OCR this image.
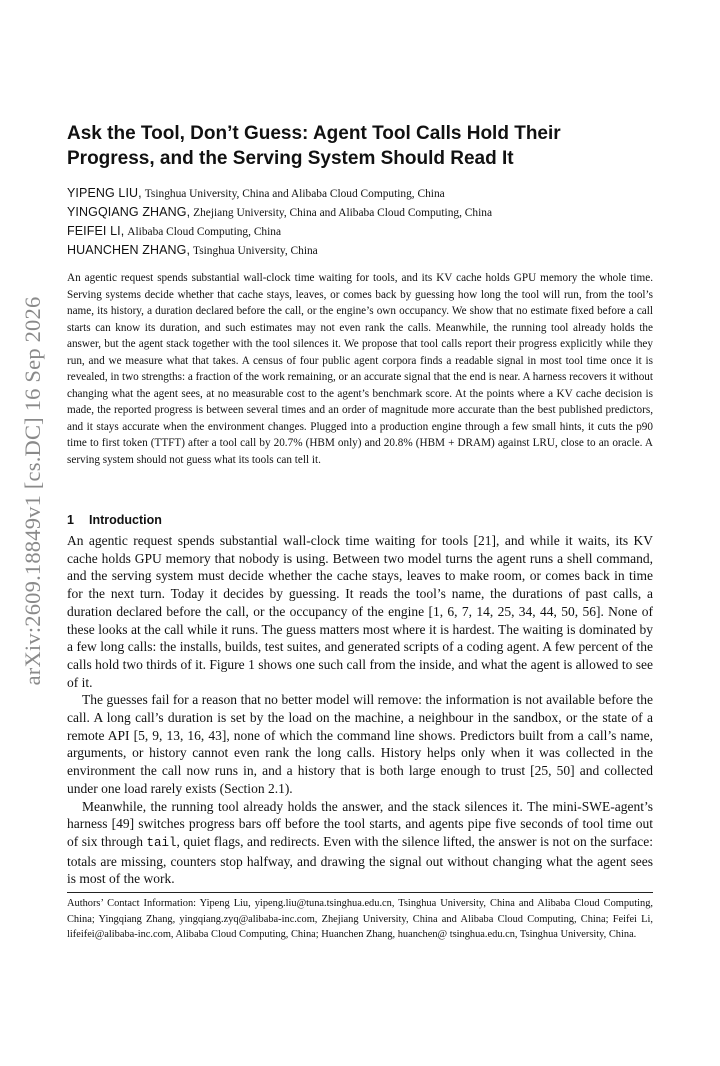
arXiv:2609.18849v1 [cs.DC] 16 Sep 2026
Ask the Tool, Don’t Guess: Agent Tool Calls Hold Their
Progress, and the Serving System Should Read It
YIPENG LIU, Tsinghua University, China and Alibaba Cloud Computing, China
YINGQIANG ZHANG, Zhejiang University, China and Alibaba Cloud Computing, China
FEIFEI LI, Alibaba Cloud Computing, China
HUANCHEN ZHANG, Tsinghua University, China

An agentic request spends substantial wall-clock time waiting for tools, and its KV cache holds GPU memory the whole time. Serving systems decide whether that cache stays, leaves, or comes back by guessing how long the tool will run, from the tool’s name, its history, a duration declared before the call, or the engine’s own occupancy. We show that no estimate fixed before a call starts can know its duration, and such estimates may not even rank the calls. Meanwhile, the running tool already holds the answer, but the agent stack together with the tool silences it. We propose that tool calls report their progress explicitly while they run, and we measure what that takes. A census of four public agent corpora finds a readable signal in most tool time once it is revealed, in two strengths: a fraction of the work remaining, or an accurate signal that the end is near. A harness recovers it without changing what the agent sees, at no measurable cost to the agent’s benchmark score. At the points where a KV cache decision is made, the reported progress is between several times and an order of magnitude more accurate than the best published predictors, and it stays accurate when the environment changes. Plugged into a production engine through a few small hints, it cuts the p90 time to first token (TTFT) after a tool call by 20.7% (HBM only) and 20.8% (HBM + DRAM) against LRU, close to an oracle. A serving system should not guess what its tools can tell it.

1 Introduction

An agentic request spends substantial wall-clock time waiting for tools [21], and while it waits, its KV cache holds GPU memory that nobody is using. Between two model turns the agent runs a shell command, and the serving system must decide whether the cache stays, leaves to make room, or comes back in time for the next turn. Today it decides by guessing. It reads the tool’s name, the durations of past calls, a duration declared before the call, or the occupancy of the engine [1, 6, 7, 14, 25, 34, 44, 50, 56]. None of these looks at the call while it runs. The guess matters most where it is hardest. The waiting is dominated by a few long calls: the installs, builds, test suites, and generated scripts of a coding agent. A few percent of the calls hold two thirds of it. Figure 1 shows one such call from the inside, and what the agent is allowed to see of it.

The guesses fail for a reason that no better model will remove: the information is not available before the call. A long call’s duration is set by the load on the machine, a neighbour in the sandbox, or the state of a remote API [5, 9, 13, 16, 43], none of which the command line shows. Predictors built from a call’s name, arguments, or history cannot even rank the long calls. History helps only when it was collected in the environment the call now runs in, and a history that is both large enough to trust [25, 50] and collected under one load rarely exists (Section 2.1).

Meanwhile, the running tool already holds the answer, and the stack silences it. The mini-SWE-agent’s harness [49] switches progress bars off before the tool starts, and agents pipe five seconds of tool time out of six through tail, quiet flags, and redirects. Even with the silence lifted, the answer is not on the surface: totals are missing, counters stop halfway, and drawing the signal out without changing what the agent sees is most of the work.

Authors’ Contact Information: Yipeng Liu, yipeng.liu@tuna.tsinghua.edu.cn, Tsinghua University, China and Alibaba Cloud Computing, China; Yingqiang Zhang, yingqiang.zyq@alibaba-inc.com, Zhejiang University, China and Alibaba Cloud Computing, China; Feifei Li, lifeifei@alibaba-inc.com, Alibaba Cloud Computing, China; Huanchen Zhang, huanchen@ tsinghua.edu.cn, Tsinghua University, China.
